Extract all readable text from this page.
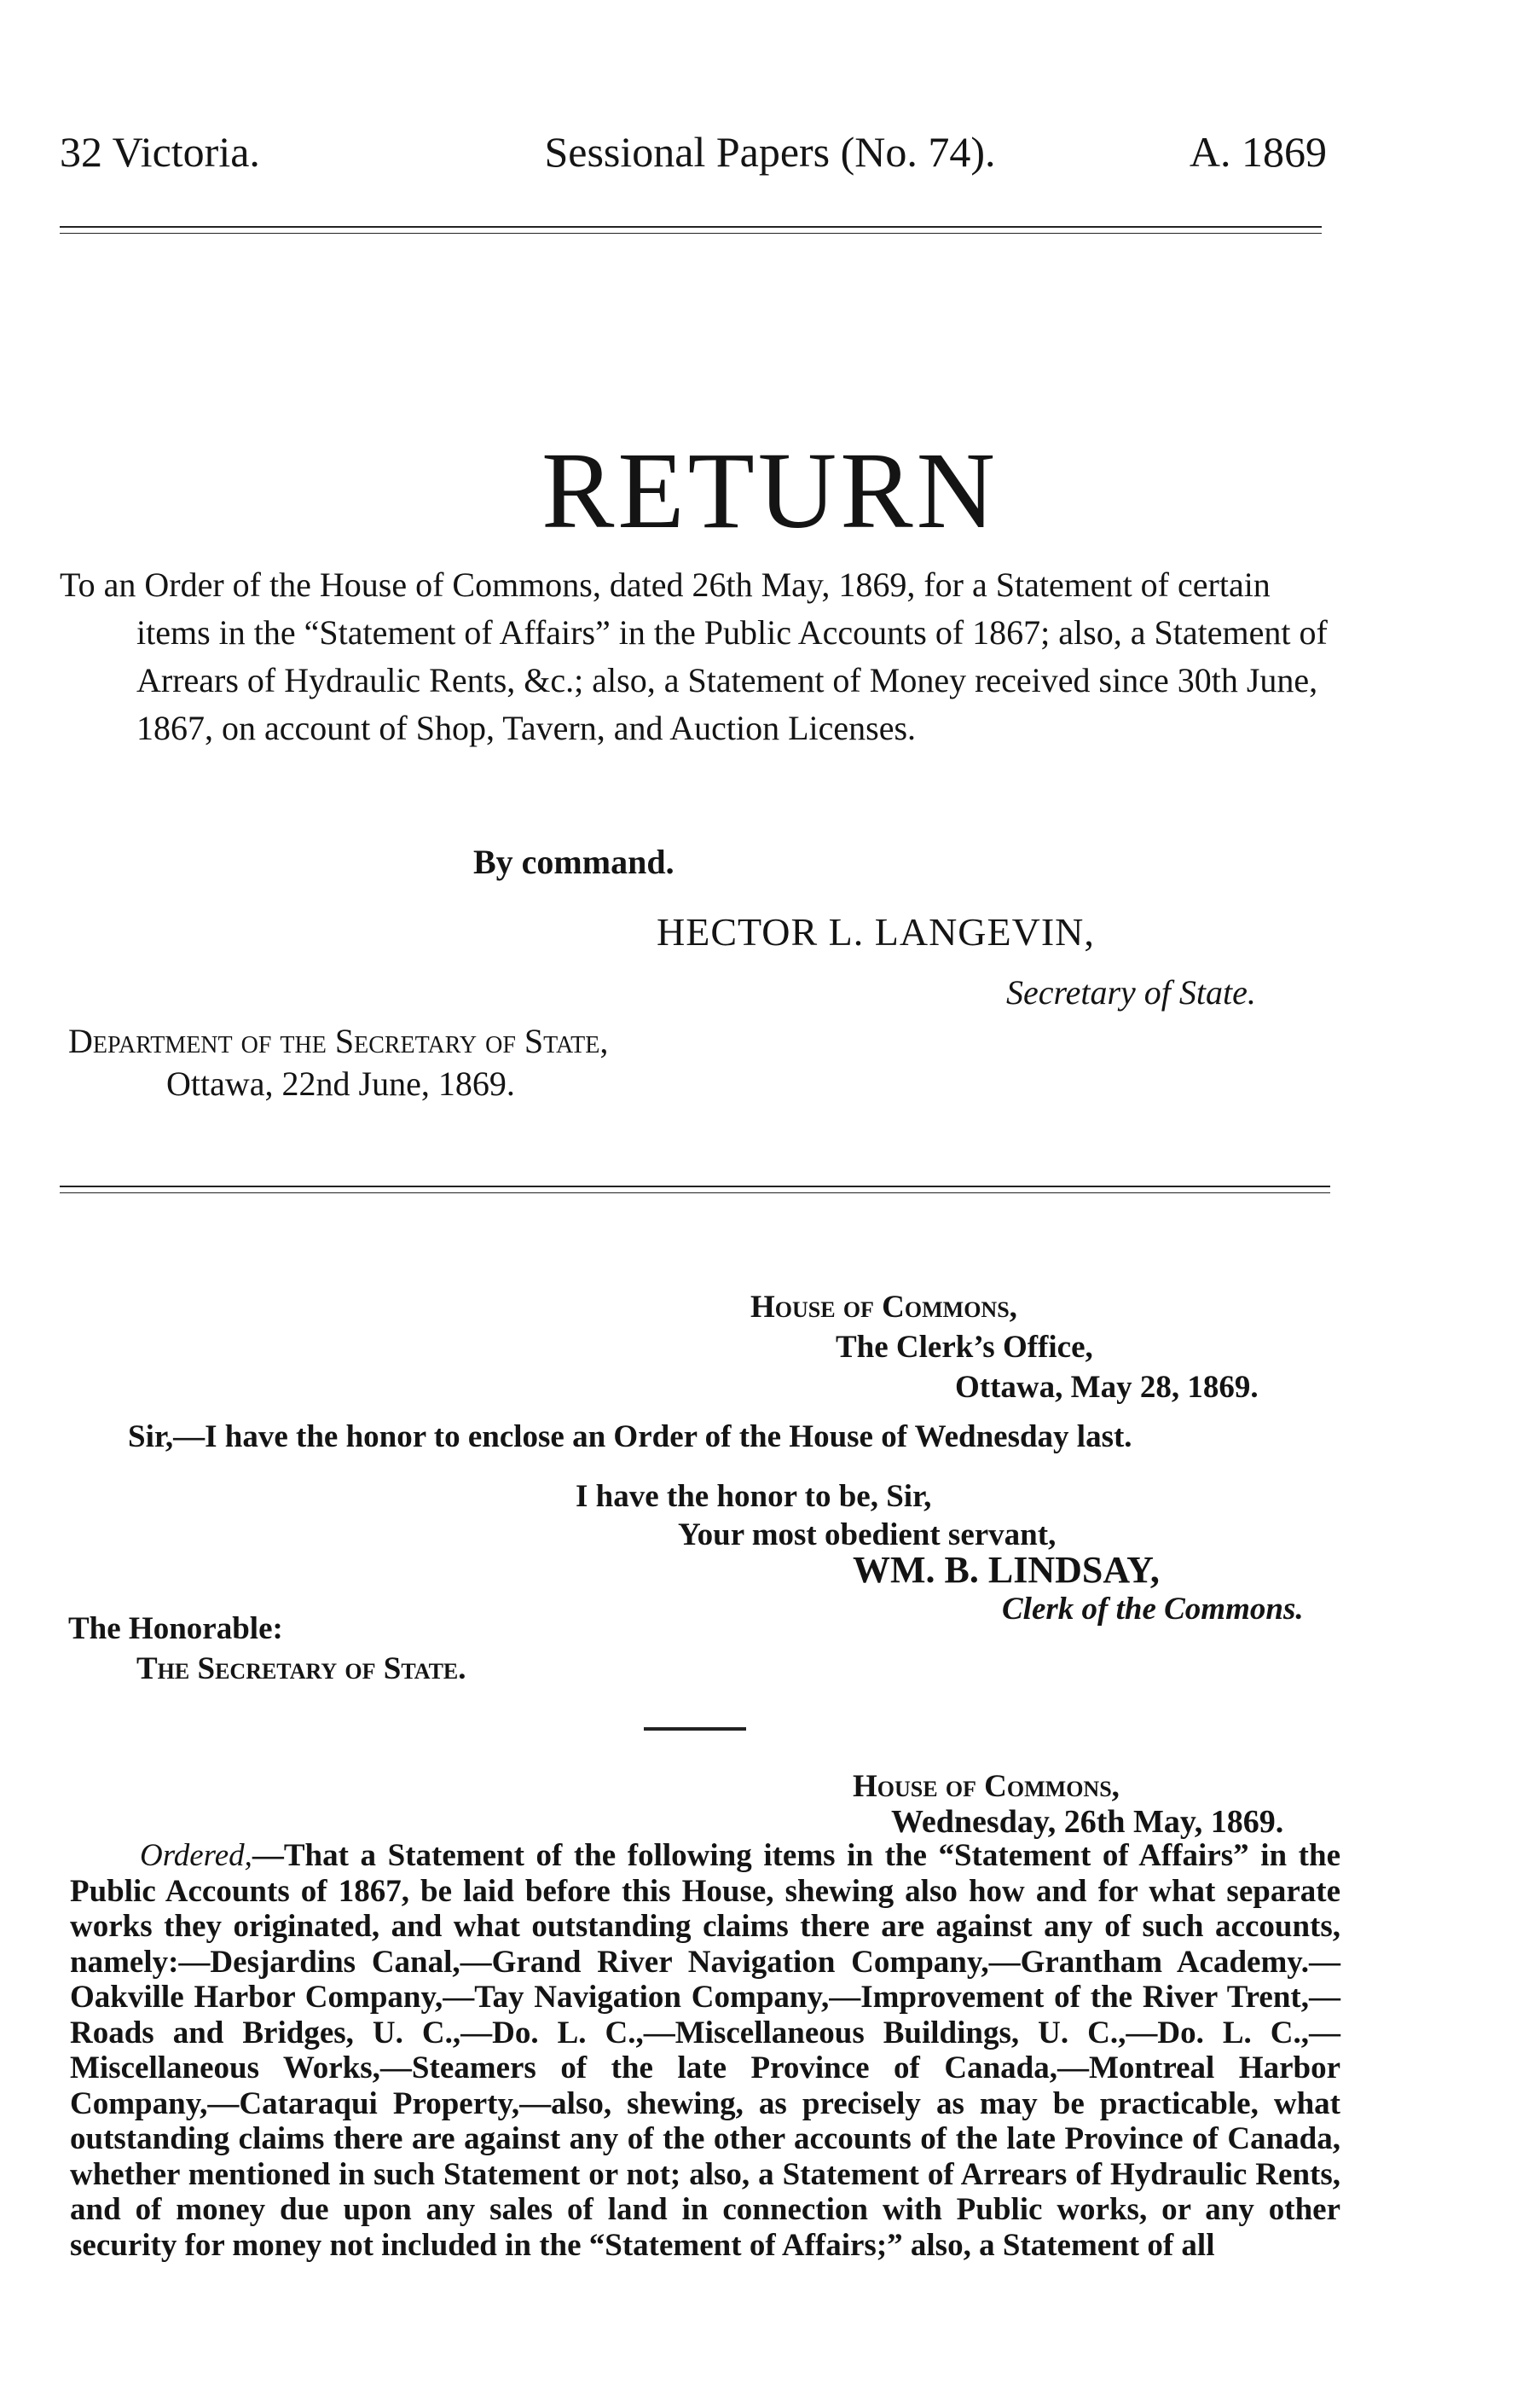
32 Victoria.	Sessional Papers (No. 74).	A. 1869
RETURN

To an Order of the House of Commons, dated 26th May, 1869, for a Statement of certain items in the “Statement of Affairs” in the Public Accounts of 1867; also, a Statement of Arrears of Hydraulic Rents, &c.; also, a Statement of Money received since 30th June, 1867, on account of Shop, Tavern, and Auction Licenses.

By command.
HECTOR L. LANGEVIN,
Secretary of State.
Department of the Secretary of State,
Ottawa, 22nd June, 1869.
House of Commons,
The Clerk’s Office,
Ottawa, May 28, 1869.
Sir,—I have the honor to enclose an Order of the House of Wednesday last.
I have the honor to be, Sir,
Your most obedient servant,
WM. B. LINDSAY,
Clerk of the Commons.
The Honorable:
The Secretary of State.
House of Commons,
Wednesday, 26th May, 1869.

Ordered,—That a Statement of the following items in the “Statement of Affairs” in the Public Accounts of 1867, be laid before this House, shewing also how and for what separate works they originated, and what outstanding claims there are against any of such accounts, namely:—Desjardins Canal,—Grand River Navigation Company,—Grantham Academy.—Oakville Harbor Company,—Tay Navigation Company,—Improvement of the River Trent,—Roads and Bridges, U. C.,—Do. L. C.,—Miscellaneous Buildings, U. C.,—Do. L. C.,—Miscellaneous Works,—Steamers of the late Province of Canada,—Montreal Harbor Company,—Cataraqui Property,—also, shewing, as precisely as may be practicable, what outstanding claims there are against any of the other accounts of the late Province of Canada, whether mentioned in such Statement or not; also, a Statement of Arrears of Hydraulic Rents, and of money due upon any sales of land in connection with Public works, or any other security for money not included in the “Statement of Affairs;” also, a Statement of all
